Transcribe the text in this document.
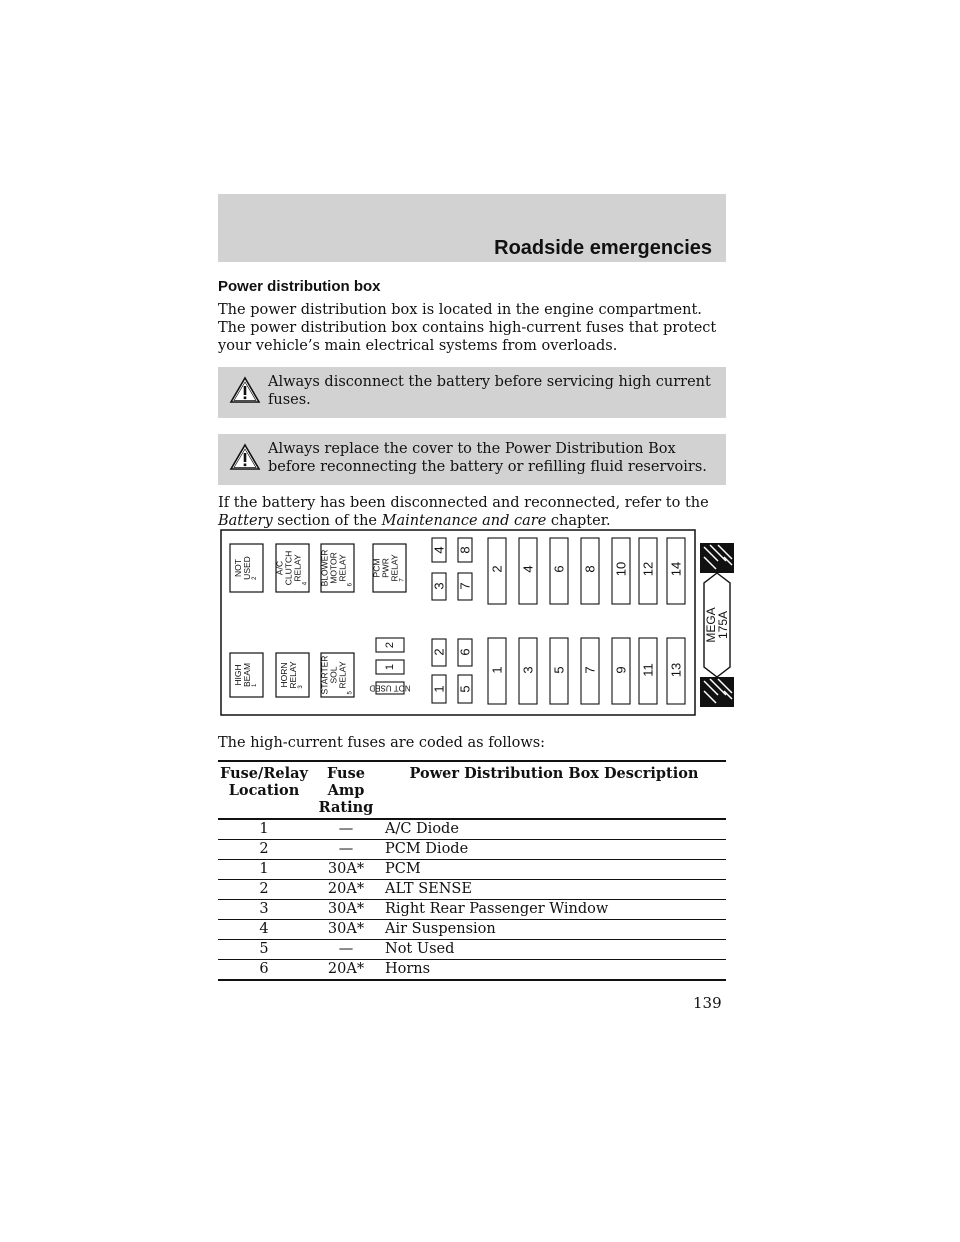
Roadside emergencies
Power distribution box

The power distribution box is located in the engine compartment. The power distribution box contains high-current fuses that protect your vehicle’s main electrical systems from overloads.

Always disconnect the battery before servicing high current fuses.
Always replace the cover to the Power Distribution Box before reconnecting the battery or refilling fluid reservoirs.

If the battery has been disconnected and reconnected, refer to the Battery section of the Maintenance and care chapter.

NOT USED 2
A/C CLUTCH RELAY
4 BLOWER MOTOR RELAY
6
PCM PWR RELAY 7
HIGH BEAM 1 HORN RELAY 3 STARTER SOL RELAY
5
2
1
NOT USED
3
4
7
8
1
2
5
6
2 4 6 8 10 12 14
1 3 5 7 9 11 13
MEGA
175A
The high-current fuses are coded as follows:
Fuse/Relay Location	Fuse Amp Rating	Power Distribution Box Description
1	—	A/C Diode
2	—	PCM Diode
1	30A*	PCM
2	20A*	ALT SENSE
3	30A*	Right Rear Passenger Window
4	30A*	Air Suspension
5	—	Not Used
6	20A*	Horns
139
